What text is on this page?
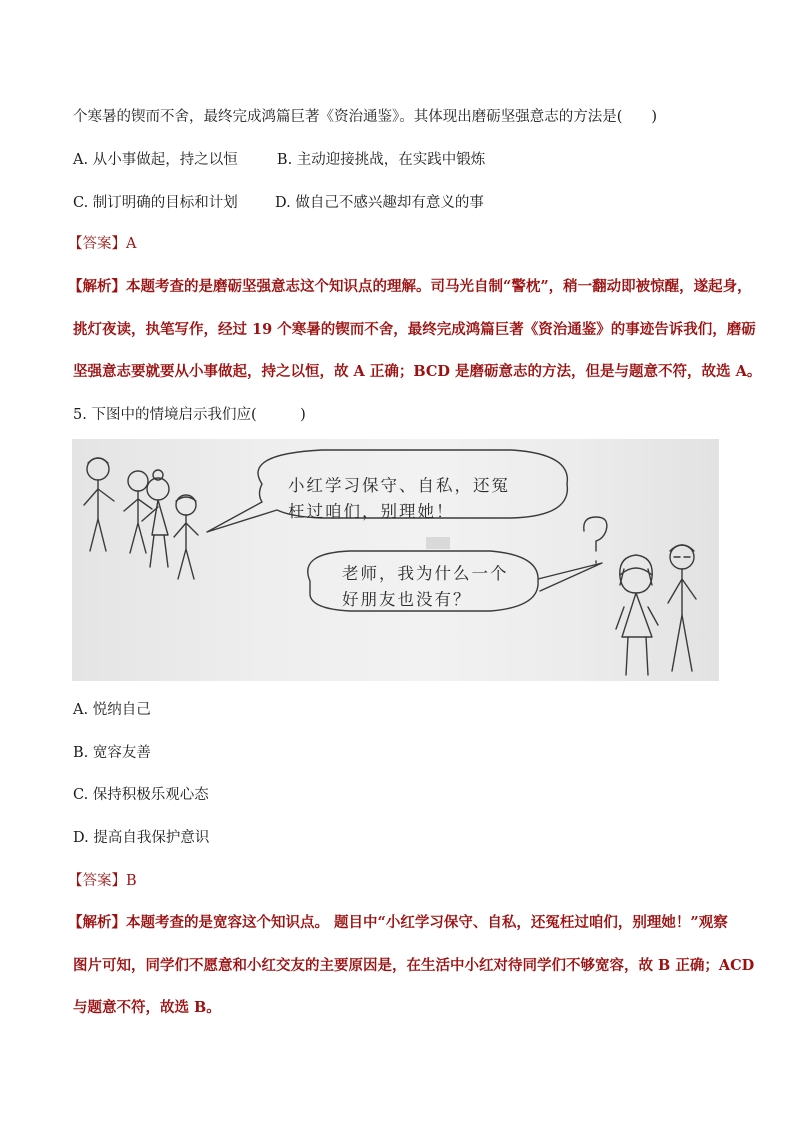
个寒暑的锲而不舍，最终完成鸿篇巨著《资治通鉴》。其体现出磨砺坚强意志的方法是(　　)
A. 从小事做起，持之以恒	B. 主动迎接挑战，在实践中锻炼
C. 制订明确的目标和计划	D. 做自己不感兴趣却有意义的事
【答案】A
【解析】本题考查的是磨砺坚强意志这个知识点的理解。司马光自制“警枕”，稍一翻动即被惊醒，遂起身，
挑灯夜读，执笔写作，经过 19 个寒暑的锲而不舍，最终完成鸿篇巨著《资治通鉴》的事迹告诉我们，磨砺
坚强意志要就要从小事做起，持之以恒，故 A 正确；BCD 是磨砺意志的方法，但是与题意不符，故选 A。
5. 下图中的情境启示我们应(　　　)
小红学习保守、自私，还冤
枉过咱们，别理她！
老师，我为什么一个
好朋友也没有？
A. 悦纳自己
B. 宽容友善
C. 保持积极乐观心态
D. 提高自我保护意识
【答案】B
【解析】本题考查的是宽容这个知识点。 题目中“小红学习保守、自私，还冤枉过咱们，别理她！”观察
图片可知，同学们不愿意和小红交友的主要原因是，在生活中小红对待同学们不够宽容，故 B 正确；ACD
与题意不符，故选 B。
